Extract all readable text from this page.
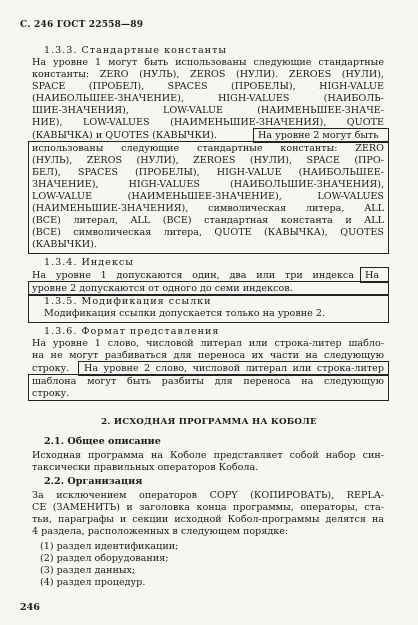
С. 246 ГОСТ 22558—89
1.3.3. Стандартные константы
На уровне 1 могут быть использованы следующие стандартные
константы: ZERO (НУЛЬ), ZEROS (НУЛИ). ZEROES (НУЛИ),
SPACE (ПРОБЕЛ), SPACES (ПРОБЕЛЫ), HIGH-VALUE
(НАИБОЛЬШЕЕ-ЗНАЧЕНИЕ), HIGH-VALUES (НАИБОЛЬ-
ШИЕ-ЗНАЧЕНИЯ), LOW-VALUE (НАИМЕНЬШЕЕ-ЗНАЧЕ-
НИЕ), LOW-VALUES (НАИМЕНЬШИЕ-ЗНАЧЕНИЯ), QUOTE
(КАВЫЧКА) и QUOTES (КАВЫЧКИ).	На уровне 2 могут быть
использованы следующие стандартные константы: ZERO
(НУЛЬ), ZEROS (НУЛИ), ZEROES (НУЛИ), SPACE (ПРО-
БЕЛ), SPACES (ПРОБЕЛЫ), HIGH-VALUE (НАИБОЛЬШЕЕ-
ЗНАЧЕНИЕ), HIGH-VALUES (НАИБОЛЬШИЕ-ЗНАЧЕНИЯ),
LOW-VALUE (НАИМЕНЬШЕЕ-ЗНАЧЕНИЕ), LOW-VALUES
(НАИМЕНЬШИЕ-ЗНАЧЕНИЯ), символическая литера, ALL
(ВСЕ) литерал, ALL (ВСЕ) стандартная константа и ALL
(ВСЕ) символическая литера, QUOTE (КАВЫЧКА), QUOTES
(КАВЫЧКИ).
1.3.4. Индексы
На уровне 1 допускаются один, два или три индекса На
уровне 2 допускаются от одного до семи индексов.
1.3.5. Модификация ссылки
Модификация ссылки допускается только на уровне 2.
1.3.6. Формат представления
На уровне 1 слово, числовой литерал или строка-литер шабло-
на не могут разбиваться для переноса их части на следующую
строку.	На уровне 2 слово, числовой литерал или строка-литер
шаблона могут быть разбиты для переноса на следующую
строку.
2. ИСХОДНАЯ ПРОГРАММА НА КОБОЛЕ
2.1. Общее описание
Исходная программа на Коболе представляет собой набор син-
таксически правильных операторов Кобола.
2.2. Организация
За исключением операторов COPY (КОПИРОВАТЬ), REPLA-
CE (ЗАМЕНИТЬ) и заголовка конца программы, операторы, ста-
тьи, параграфы и секции исходной Кобол-программы делятся на
4 раздела, расположенных в следующем порядке:
(1) раздел идентификации;
(2) раздел оборудования;
(3) раздел данных;
(4) раздел процедур.
246
